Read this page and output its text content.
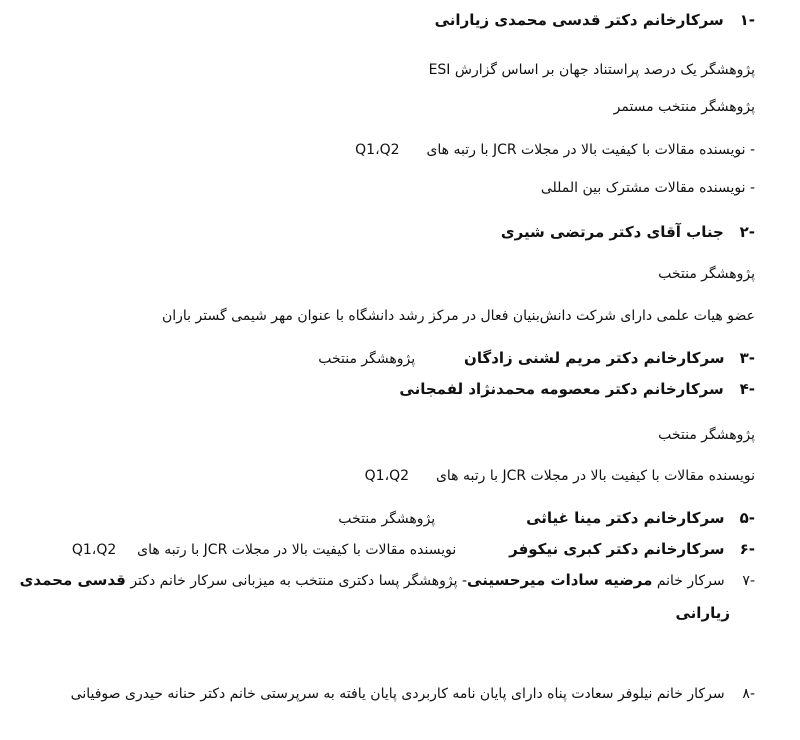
-۱ سرکارخانم دکتر قدسی محمدی زیارانی
پژوهشگر یک درصد پراستناد جهان بر اساس گزارش ESI
پژوهشگر منتخب مستمر
- نویسنده مقالات با کیفیت بالا در مجلات JCR با رتبه های  Q1،Q2
- نویسنده مقالات مشترک بین المللی
-۲ جناب آقای دکتر مرتضی شیری
پژوهشگر منتخب
عضو هیات علمی دارای شرکت دانش‌بنیان فعال در مرکز رشد دانشگاه با عنوان مهر شیمی گستر باران
-۳ سرکارخانم دکتر مریم لشنی زادگان  پژوهشگر منتخب
-۴ سرکارخانم دکتر معصومه محمدنژاد لفمجانی
پژوهشگر منتخب
نویسنده مقالات با کیفیت بالا در مجلات JCR با رتبه های  Q1،Q2
-۵ سرکارخانم دکتر مینا غیاثی  پژوهشگر منتخب
-۶ سرکارخانم دکتر کبری نیکوفر  نویسنده مقالات با کیفیت بالا در مجلات JCR با رتبه های  Q1،Q2
-۷ سرکار خانم مرضیه سادات میرحسینی- پژوهشگر پسا دکتری منتخب به میزبانی سرکار خانم دکتر قدسی محمدی
زیارانی
-۸ سرکار خانم نیلوفر سعادت پناه دارای پایان نامه کاربردی پایان یافته به سرپرستی خانم دکتر حنانه حیدری صوفیانی
